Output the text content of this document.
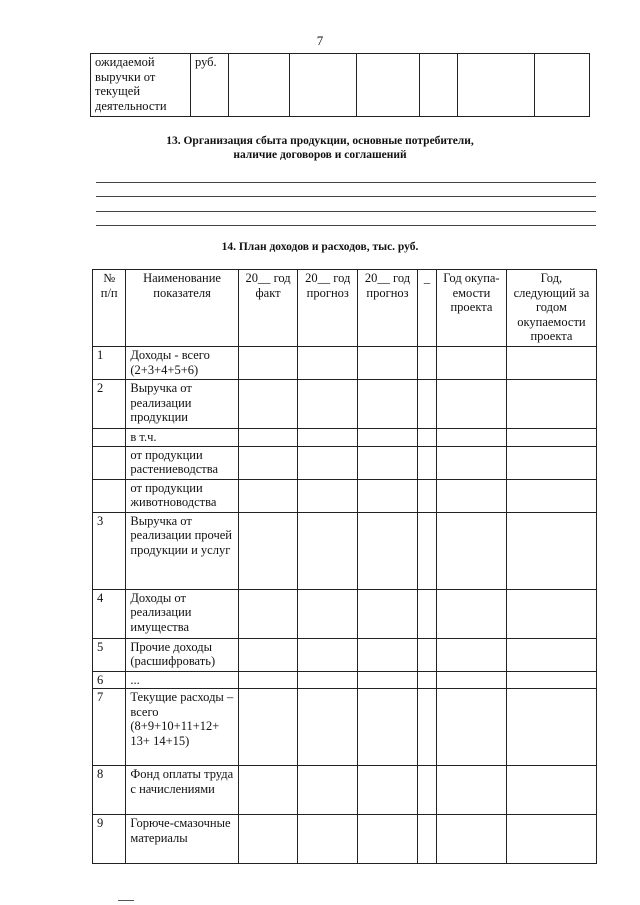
7
ожидаемой выручки от текущей деятельности	руб.						
13. Организация сбыта продукции, основные потребители,
наличие договоров и соглашений
14. План доходов и расходов, тыс. руб.
№ п/п	Наименование показателя	20__ год факт	20__ год прогноз	20__ год прогноз	_	Год окупа-емости проекта	Год, следующий за годом окупаемости проекта
1	Доходы - всего (2+3+4+5+6)						
2	Выручка от реализации продукции						
	в т.ч.						
	от продукции растениеводства						
	от продукции животноводства						
3	Выручка от реализации прочей продукции и услуг						
4	Доходы от реализации имущества						
5	Прочие доходы (расшифровать)						
6	...						
7	Текущие расходы – всего (8+9+10+11+12+ 13+ 14+15)						
8	Фонд оплаты труда с начислениями						
9	Горюче-смазочные материалы						
